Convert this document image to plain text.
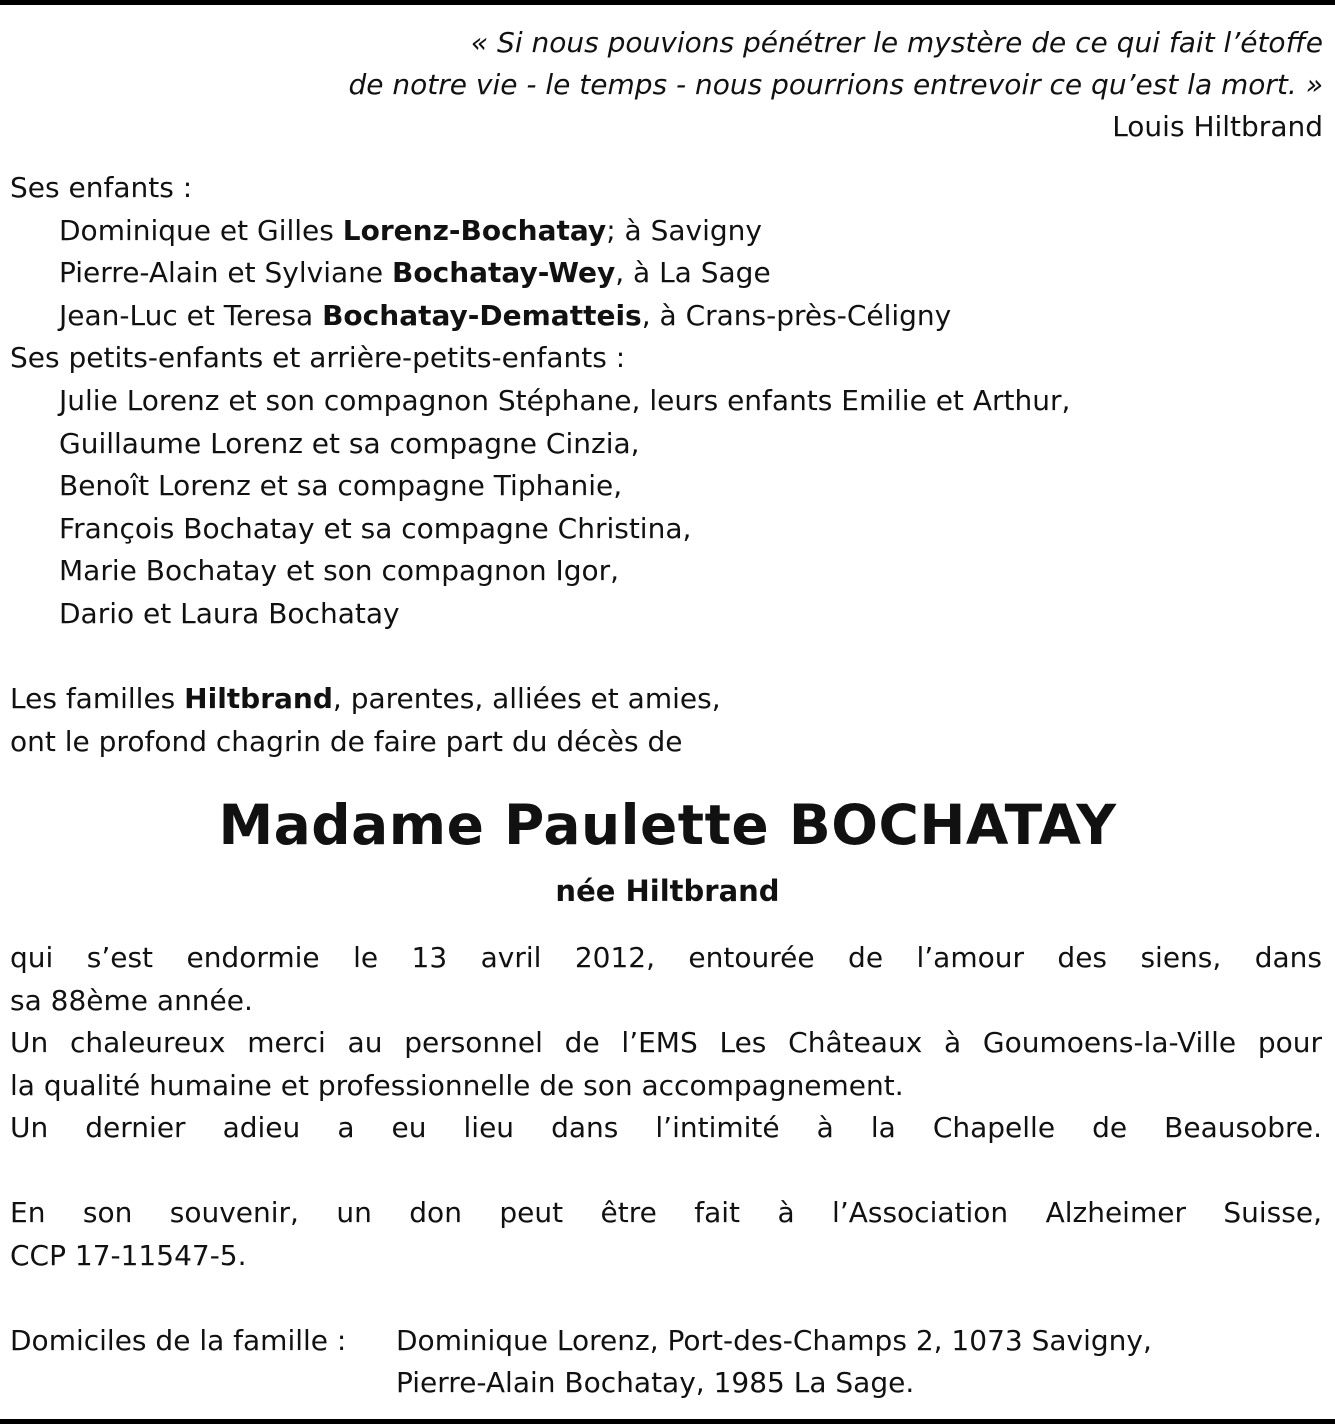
« Si nous pouvions pénétrer le mystère de ce qui fait l’étoffe
de notre vie - le temps - nous pourrions entrevoir ce qu’est la mort. »
Louis Hiltbrand
Ses enfants :
Dominique et Gilles Lorenz-Bochatay; à Savigny
Pierre-Alain et Sylviane Bochatay-Wey, à La Sage
Jean-Luc et Teresa Bochatay-Dematteis, à Crans-près-Céligny
Ses petits-enfants et arrière-petits-enfants :
Julie Lorenz et son compagnon Stéphane, leurs enfants Emilie et Arthur,
Guillaume Lorenz et sa compagne Cinzia,
Benoît Lorenz et sa compagne Tiphanie,
François Bochatay et sa compagne Christina,
Marie Bochatay et son compagnon Igor,
Dario et Laura Bochatay
Les familles Hiltbrand, parentes, alliées et amies,
ont le profond chagrin de faire part du décès de
Madame Paulette BOCHATAY
née Hiltbrand
qui s’est endormie le 13 avril 2012, entourée de l’amour des siens, dans
sa 88ème année.
Un chaleureux merci au personnel de l’EMS Les Châteaux à Goumoens-la-Ville pour
la qualité humaine et professionnelle de son accompagnement.
Un dernier adieu a eu lieu dans l’intimité à la Chapelle de Beausobre.
En son souvenir, un don peut être fait à l’Association Alzheimer Suisse,
CCP 17-11547-5.
Domiciles de la famille : Dominique Lorenz, Port-des-Champs 2, 1073 Savigny,
Pierre-Alain Bochatay, 1985 La Sage.
